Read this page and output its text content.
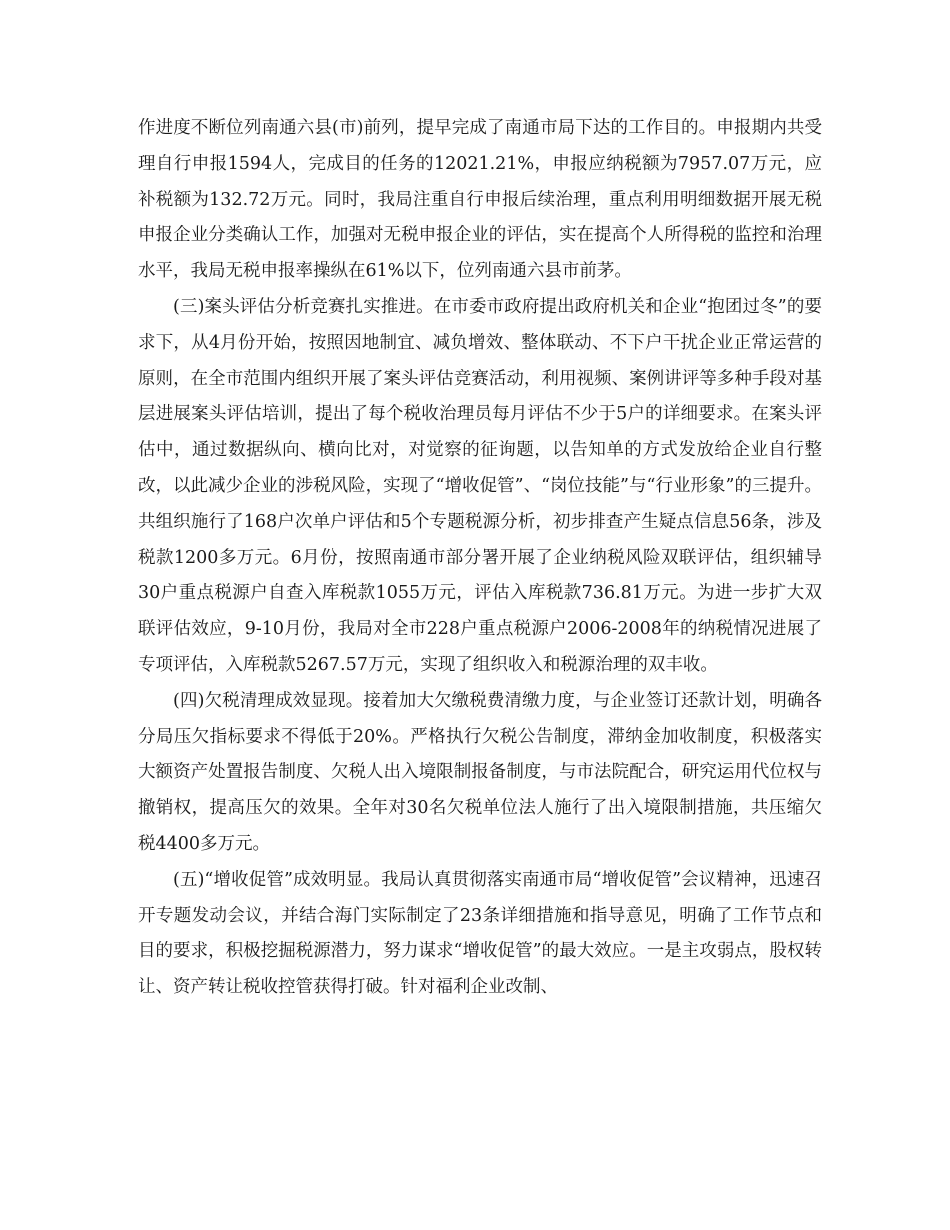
作进度不断位列南通六县(市)前列，提早完成了南通市局下达的工作目的。申报期内共受理自行申报1594人，完成目的任务的12021.21%，申报应纳税额为7957.07万元，应补税额为132.72万元。同时，我局注重自行申报后续治理，重点利用明细数据开展无税申报企业分类确认工作，加强对无税申报企业的评估，实在提高个人所得税的监控和治理水平，我局无税申报率操纵在61%以下，位列南通六县市前茅。

(三)案头评估分析竞赛扎实推进。在市委市政府提出政府机关和企业“抱团过冬”的要求下，从4月份开始，按照因地制宜、减负增效、整体联动、不下户干扰企业正常运营的原则，在全市范围内组织开展了案头评估竞赛活动，利用视频、案例讲评等多种手段对基层进展案头评估培训，提出了每个税收治理员每月评估不少于5户的详细要求。在案头评估中，通过数据纵向、横向比对，对觉察的征询题，以告知单的方式发放给企业自行整改，以此减少企业的涉税风险，实现了“增收促管”、“岗位技能”与“行业形象”的三提升。共组织施行了168户次单户评估和5个专题税源分析，初步排查产生疑点信息56条，涉及税款1200多万元。6月份，按照南通市部分署开展了企业纳税风险双联评估，组织辅导30户重点税源户自查入库税款1055万元，评估入库税款736.81万元。为进一步扩大双联评估效应，9-10月份，我局对全市228户重点税源户2006-2008年的纳税情况进展了专项评估，入库税款5267.57万元，实现了组织收入和税源治理的双丰收。

(四)欠税清理成效显现。接着加大欠缴税费清缴力度，与企业签订还款计划，明确各分局压欠指标要求不得低于20%。严格执行欠税公告制度，滞纳金加收制度，积极落实大额资产处置报告制度、欠税人出入境限制报备制度，与市法院配合，研究运用代位权与撤销权，提高压欠的效果。全年对30名欠税单位法人施行了出入境限制措施，共压缩欠税4400多万元。

(五)“增收促管”成效明显。我局认真贯彻落实南通市局“增收促管”会议精神，迅速召开专题发动会议，并结合海门实际制定了23条详细措施和指导意见，明确了工作节点和目的要求，积极挖掘税源潜力，努力谋求“增收促管”的最大效应。一是主攻弱点，股权转让、资产转让税收控管获得打破。针对福利企业改制、
